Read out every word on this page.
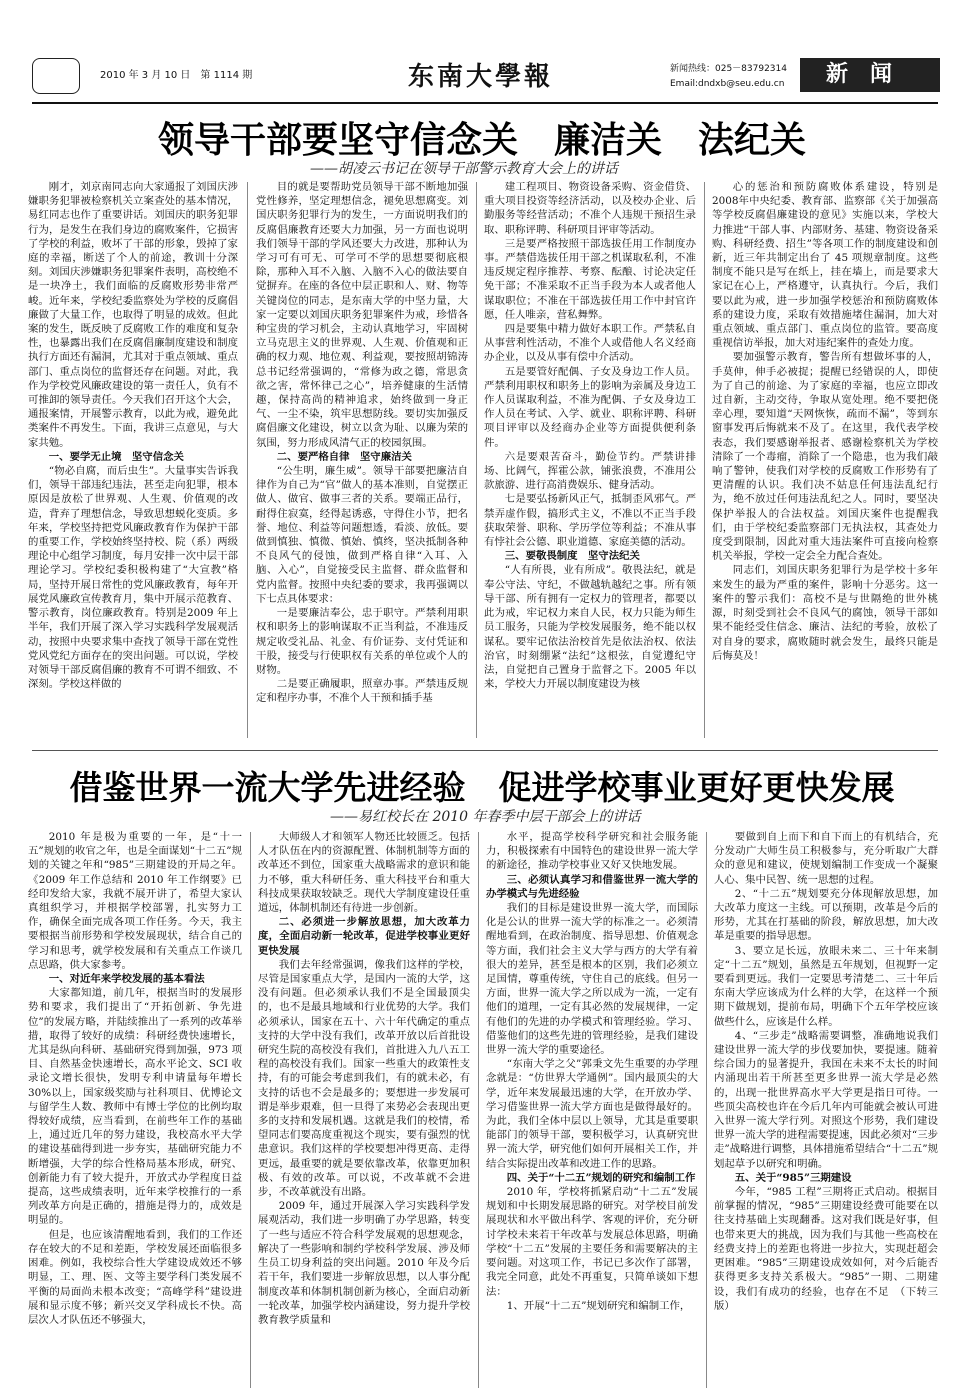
2010 年 3 月 10 日　第 1114 期	东南大學報	新闻热线：025－83792314
Email:dndxb@seu.edu.cn	新闻
领导干部要坚守信念关　廉洁关　法纪关
——胡凌云书记在领导干部警示教育大会上的讲话

刚才，刘京南同志向大家通报了刘国庆涉嫌职务犯罪被检察机关立案查处的基本情况，易红同志也作了重要讲话。刘国庆的职务犯罪行为，是发生在我们身边的腐败案件，它损害了学校的利益，败坏了干部的形象，毁掉了家庭的幸福，断送了个人的前途，教训十分深刻。刘国庆涉嫌职务犯罪案件表明，高校绝不是一块净土，我们面临的反腐败形势非常严峻。近年来，学校纪委监察处为学校的反腐倡廉做了大量工作，也取得了明显的成效。但此案的发生，既反映了反腐败工作的难度和复杂性，也暴露出我们在反腐倡廉制度建设和制度执行方面还有漏洞，尤其对于重点领域、重点部门、重点岗位的监督还存在问题。对此，我作为学校党风廉政建设的第一责任人，负有不可推卸的领导责任。今天我们召开这个大会，通报案情，开展警示教育，以此为戒，避免此类案件不再发生。下面，我讲三点意见，与大家共勉。

一、要学无止境　坚守信念关

“物必自腐，而后虫生”。大量事实告诉我们，领导干部违纪违法，甚至走向犯罪，根本原因是放松了世界观、人生观、价值观的改造，背弃了理想信念，导致思想蜕化变质。多年来，学校坚持把党风廉政教育作为保护干部的重要工作，学校始终坚持校、院（系）两级理论中心组学习制度，每月安排一次中层干部理论学习。学校纪委积极构建了“大宣教”格局，坚持开展日常性的党风廉政教育，每年开展党风廉政宣传教育月，集中开展示范教育、警示教育，岗位廉政教育。特别是2009 年上半年，我们开展了深入学习实践科学发展观活动，按照中央要求集中查找了领导干部在党性党风党纪方面存在的突出问题。可以说，学校对领导干部反腐倡廉的教育不可谓不细致、不深刻。学校这样做的

目的就是要帮助党员领导干部不断地加强党性修养，坚定理想信念，褪免思想腐变。刘国庆职务犯罪行为的发生，一方面说明我们的反腐倡廉教育还要大力加强，另一方面也说明我们领导干部的学风还要大力改进，那种认为学习可有可无、可学可不学的思想要彻底根除，那种入耳不入脑、入脑不入心的做法要自觉摒弃。在座的各位中层正职和人、财、物等关键岗位的同志，是东南大学的中坚力量，大家一定要以刘国庆职务犯罪案件为戒，珍惜各种宝贵的学习机会，主动认真地学习，牢固树立马克思主义的世界观、人生观、价值观和正确的权力观、地位观、利益观，要按照胡锦涛总书记经常强调的，“常修为政之德，常思贪欲之害，常怀律己之心”，培养健康的生活情趣，保持高尚的精神追求，始终做到一身正气、一尘不染，筑牢思想防线。要切实加强反腐倡廉文化建设，树立以贪为耻、以廉为荣的氛围，努力形成风清气正的校园氛围。

二、要严格自律　坚守廉洁关

“公生明，廉生威”。领导干部要把廉洁自律作为自己为“官”做人的基本准则，自觉摆正做人、做官、做事三者的关系。要端正品行，耐得住寂寞，经得起诱惑，守得住小节，把名誉、地位、利益等问题想透，看淡、放低。要做到慎独、慎微、慎始、慎终，坚决抵制各种不良风气的侵蚀，做到严格自律“入耳、入脑、入心”，自觉接受民主监督、群众监督和党内监督。按照中央纪委的要求，我再强调以下七点具体要求：

一是要廉洁奉公，忠于职守。严禁利用职权和职务上的影响谋取不正当利益，不准违反规定收受礼品、礼金、有价证券、支付凭证和干股，接受与行使职权有关系的单位或个人的财物。

二是要正确履职，照章办事。严禁违反规定和程序办事，不准个人干预和插手基

建工程项目、物资设备采购、资金借贷、重大项目投资等经济活动，以及校办企业、后勤服务等经营活动；不准个人违规干预招生录取、职称评聘、科研项目评审等活动。

三是要严格按照干部选拔任用工作制度办事。严禁借选拔任用干部之机谋取私利，不准违反规定程序推荐、考察、酝酿、讨论决定任免干部；不准采取不正当手段为本人或者他人谋取职位；不准在干部选拔任用工作中封官许愿，任人唯亲，营私舞弊。

四是要集中精力做好本职工作。严禁私自从事营利性活动，不准个人或借他人名义经商办企业，以及从事有偿中介活动。

五是要管好配偶、子女及身边工作人员。严禁利用职权和职务上的影响为亲属及身边工作人员谋取利益，不准为配偶、子女及身边工作人员在考试、入学、就业、职称评聘、科研项目评审以及经商办企业等方面提供便利条件。

六是要艰苦奋斗，勤俭节约。严禁讲排场、比阔气，挥霍公款，铺张浪费，不准用公款旅游、进行高消费娱乐、健身活动。

七是要弘扬新风正气，抵制歪风邪气。严禁弄虚作假，搞形式主义，不准以不正当手段获取荣誉、职称、学历学位等利益；不准从事有悖社会公德、职业道德、家庭美德的活动。

三、要敬畏制度　坚守法纪关

“人有所畏，业有所成”。敬畏法纪，就是奉公守法、守纪，不做越轨越纪之事。所有领导干部、所有拥有一定权力的管理者，都要以此为戒，牢记权力来自人民，权力只能为师生员工服务，只能为学校发展服务，绝不能以权谋私。要牢记依法治校首先是依法治权、依法治官，时刻绷紧“法纪”这根弦，自觉遵纪守法，自觉把自己置身于监督之下。2005 年以来，学校大力开展以制度建设为核

心的惩治和预防腐败体系建设，特别是 2008年中央纪委、教育部、监察部《关于加强高等学校反腐倡廉建设的意见》实施以来，学校大力推进“干部人事、内部财务、基建、物资设备采购、科研经费、招生”等各项工作的制度建设和创新，近三年共制定出台了 45 项规章制度。这些制度不能只是写在纸上，挂在墙上，而是要求大家记在心上，严格遵守，认真执行。今后，我们要以此为戒，进一步加强学校惩治和预防腐败体系的建设力度，采取有效措施堵住漏洞，加大对重点领域、重点部门、重点岗位的监管。要高度重视信访举报，加大对违纪案件的查处力度。

要加强警示教育，警告所有想做坏事的人，手莫伸，伸手必被捉；提醒已经错误的人，即使为了自己的前途、为了家庭的幸福，也应立即改过自新，主动交待，争取从宽处理。绝不要把侥幸心理，要知道“天网恢恢，疏而不漏”，等到东窗事发再后悔就来不及了。在这里，我代表学校表态，我们要感谢举报者、感谢检察机关为学校清除了一个毒瘤，消除了一个隐患，也为我们敲响了警钟，使我们对学校的反腐败工作形势有了更清醒的认识。我们决不姑息任何违法乱纪行为，绝不放过任何违法乱纪之人。同时，要坚决保护举报人的合法权益。刘国庆案件也提醒我们，由于学校纪委监察部门无执法权，其查处力度受到限制，因此对重大违法案件可直接向检察机关举报，学校一定会全力配合查处。

同志们，刘国庆职务犯罪行为是学校十多年来发生的最为严重的案件，影响十分恶劣。这一案件的警示我们：高校不是与世隔绝的世外桃源，时刻受到社会不良风气的腐蚀，领导干部如果不能经受住信念、廉洁、法纪的考验，放松了对自身的要求，腐败随时就会发生，最终只能是后悔莫及！

借鉴世界一流大学先进经验　促进学校事业更好更快发展
——易红校长在 2010 年春季中层干部会上的讲话

2010 年是极为重要的一年，是“十一五”规划的收官之年，也是全面谋划“十二五”规划的关键之年和“985”三期建设的开局之年。《2009 年工作总结和 2010 年工作纲要》已经印发给大家，我就不展开讲了，希望大家认真组织学习，并根据学校部署，扎实努力工作，确保全面完成各项工作任务。今天，我主要根据当前形势和学校发展现状，结合自己的学习和思考，就学校发展和有关重点工作谈几点思路，供大家参考。

一、对近年来学校发展的基本看法

大家都知道，前几年，根据当时的发展形势和要求，我们提出了“开拓创新、争先进位”的发展方略，并陆续推出了一系列的改革举措，取得了较好的成绩：科研经费快速增长，尤其是纵向科研、基础研究得到加强，973 项目、自然基金快速增长，高水平论文、SCI 收录论文增长很快，发明专利申请量每年增长 30%以上，国家级奖励与社科项目、优博论文与留学生人数、教师中有博士学位的比例均取得较好成绩，应当看到，在前些年工作的基础上，通过近几年的努力建设，我校高水平大学的建设基础得到进一步夯实，基础研究能力不断增强，大学的综合性格局基本形成，研究、创新能力有了较大提升，开放式办学程度日益提高，这些成绩表明，近年来学校推行的一系列改革方向是正确的，措施是得力的，成效是明显的。

但是，也应该清醒地看到，我们的工作还存在较大的不足和差距，学校发展还面临很多困难。例如，我校综合性大学建设成效还不够明显，工、理、医、文等主要学科门类发展不平衡的局面尚未根本改变；“高峰学科”建设进展和显示度不够；新兴交叉学科成长不快。高层次人才队伍还不够强大，

大师级人才和领军人物还比较匮乏。包括人才队伍在内的资源配置、体制机制等方面的改革还不到位，国家重大战略需求的意识和能力不够，重大科研任务、重大科技平台和重大科技成果获取较缺乏。现代大学制度建设任重道远，体制机制还有待进一步创新。

二、必须进一步解放思想，加大改革力度，全面启动新一轮改革，促进学校事业更好更快发展

我们去年经常强调，像我们这样的学校，尽管是国家重点大学，是国内一流的大学，这没有问题。但必须承认我们不是全国最顶尖的，也不是最具地域和行业优势的大学。我们必须承认，国家在五十、六十年代确定的重点支持的大学中没有我们，改革开放以后首批设研究生院的高校没有我们，首批进入九八五工程的高校没有我们。国家一些重大的政策性支持，有的可能会考虑到我们，有的就未必，有支持的话也不会是最多的；要想进一步发展可谓是举步艰难，但一旦得了来势必会表现出更多的支持和发展机遇。这就是我们的校情，希望同志们要高度重视这个现实，要有强烈的忧患意识。我们这样的学校要想冲得更高、走得更远，最重要的就是要依靠改革，依靠更加积极、有效的改革。可以说，不改革就不会进步，不改革就没有出路。

2009 年，通过开展深入学习实践科学发展观活动，我们进一步明确了办学思路，转变了一些与适应不符合科学发展观的思想观念，解决了一些影响和制约学校科学发展、涉及师生员工切身利益的突出问题。2010 年及今后若干年，我们要进一步解放思想，以人事分配制度改革和体制机制创新为核心，全面启动新一轮改革，加强学校内涵建设，努力提升学校教育教学质量和

水平，提高学校科学研究和社会服务能力，积极探索有中国特色的建设世界一流大学的新途径，推动学校事业又好又快地发展。

三、必须认真学习和借鉴世界一流大学的办学模式与先进经验

我们的目标是建设世界一流大学，而国际化是公认的世界一流大学的标准之一。必须清醒地看到，在政治制度、指导思想、价值观念等方面，我们社会主义大学与西方的大学有着很大的差异，甚至是根本的区别，我们必须立足国情，尊重传统，守住自己的底线。但另一方面，世界一流大学之所以成为一流，一定有他们的道理，一定有其必然的发展规律，一定有他们的先进的办学模式和管理经验。学习、借鉴他们的这些先进的管理经验，是我们建设世界一流大学的重要途径。

“东南大学之父”郭秉文先生重要的办学理念就是：“仿世界大学通例”。国内最顶尖的大学，近年来发展最迅速的大学，在开放办学、学习借鉴世界一流大学方面也是做得最好的。为此，我们全体中层以上领导，尤其是重要职能部门的领导干部，要积极学习，认真研究世界一流大学，研究他们如何开展相关工作，并结合实际提出改革和改进工作的思路。

四、关于“十二五”规划的研究和编制工作

2010 年，学校将抓紧启动“十二五”发展规划和中长期发展思路的研究。对学校目前发展现状和水平做出科学、客观的评价，充分研讨学校未来若干年改革与发展总体思路，明确学校“十二五”发展的主要任务和需要解决的主要问题。对这项工作，书记已多次作了部署，我完全同意，此处不再重复，只简单谈如下想法：

1、开展“十二五”规划研究和编制工作，

要做到自上而下和自下而上的有机结合，充分发动广大师生员工积极参与，充分听取广大群众的意见和建议，使规划编制工作变成一个凝聚人心、集中民智、统一思想的过程。

2、“十二五”规划要充分体现解放思想，加大改革力度这一主线。可以预期，改革是今后的形势，尤其在打基础的阶段，解放思想，加大改革是重要的指导思想。

3、要立足长远，放眼未来二、三十年来制定“十二五”规划，虽然是五年规划，但视野一定要看到更远。我们一定要思考清楚二、三十年后东南大学应该成为什么样的大学，在这样一个预期下做规划，提前布局，明确下个五年学校应该做些什么，应该是什么样。

4、“三步走”战略需要调整，准确地说我们建设世界一流大学的步伐要加快，要提速。随着综合国力的显著提升，我国在未来不太长的时间内涌现出若干所甚至更多世界一流大学是必然的，出现一批世界高水平大学更是指日可待。一些顶尖高校也许在今后几年内可能就会被认可进入世界一流大学行列。对照这个形势，我们建设世界一流大学的进程需要提速，因此必须对“三步走”战略进行调整，具体措施希望结合“十二五”规划起草予以研究和明确。

五、关于“985”三期建设

今年，“985 工程”三期将正式启动。根据目前掌握的情况，“985”三期建设经费可能要在以往支持基础上实现翻番。这对我们既是好事，但也带来更大的挑战，因为我们与其他一些高校在经费支持上的差距也将进一步拉大，实现赶超会更困难。“985”三期建设成效如何，对今后能否获得更多支持关系极大。“985”一期、二期建设，我们有成功的经验，也存在不足　（下转三版）
